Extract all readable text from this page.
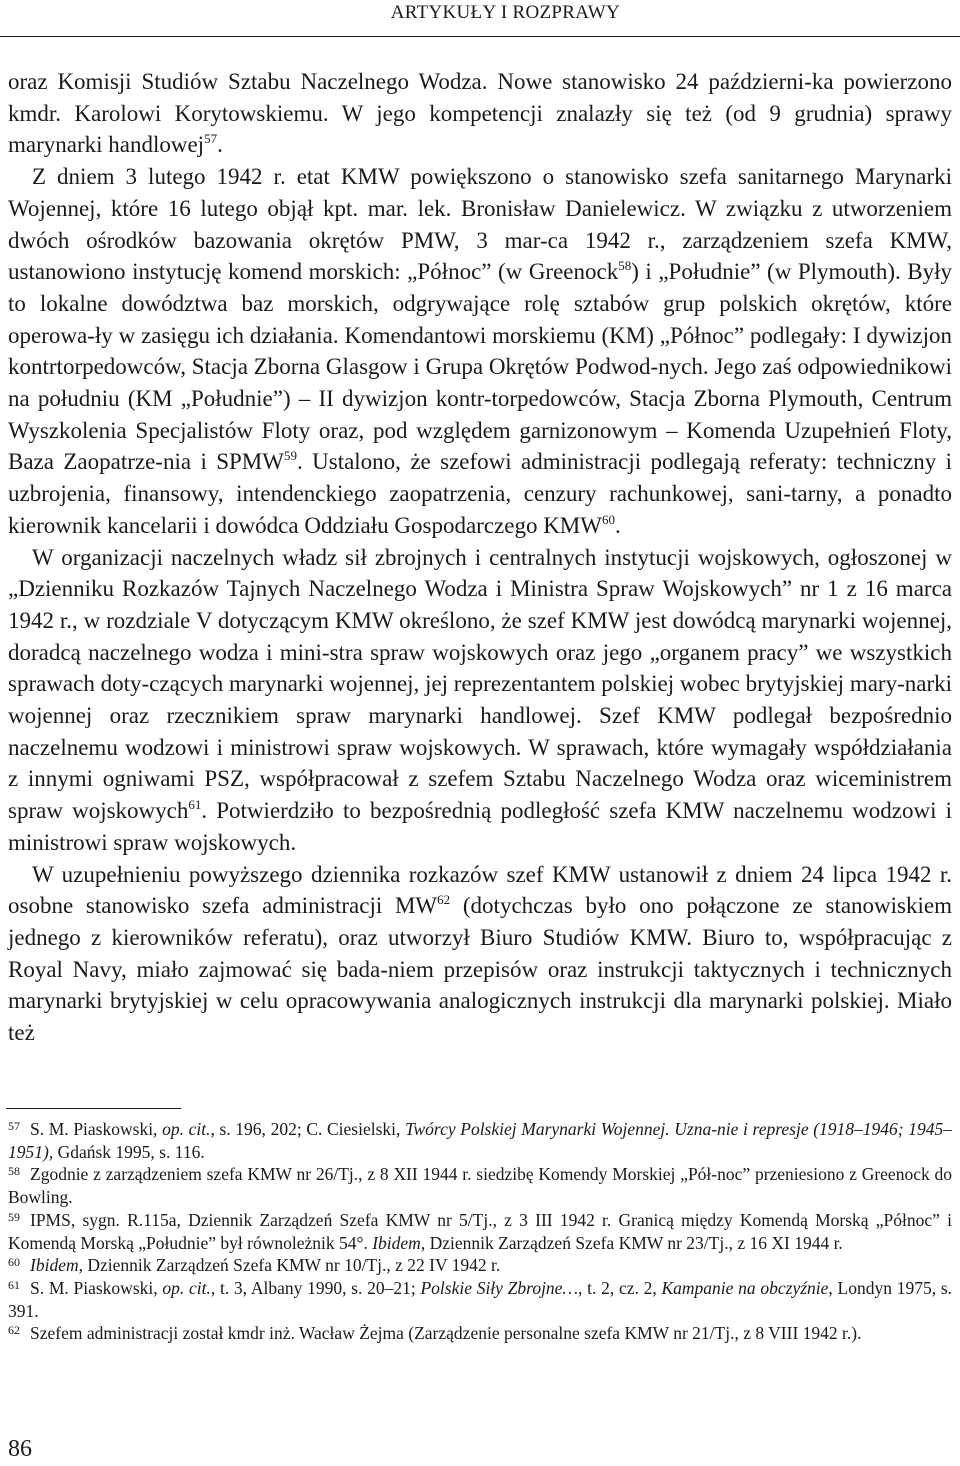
ARTYKUŁY I ROZPRAWY

oraz Komisji Studiów Sztabu Naczelnego Wodza. Nowe stanowisko 24 październi-ka powierzono kmdr. Karolowi Korytowskiemu. W jego kompetencji znalazły się też (od 9 grudnia) sprawy marynarki handlowej$^{57}$.

Z dniem 3 lutego 1942 r. etat KMW powiększono o stanowisko szefa sanitarnego Marynarki Wojennej, które 16 lutego objął kpt. mar. lek. Bronisław Danielewicz. W związku z utworzeniem dwóch ośrodków bazowania okrętów PMW, 3 mar-ca 1942 r., zarządzeniem szefa KMW, ustanowiono instytucję komend morskich: „Północ” (w Greenock$^{58}$) i „Południe” (w Plymouth). Były to lokalne dowództwa baz morskich, odgrywające rolę sztabów grup polskich okrętów, które operowa-ły w zasięgu ich działania. Komendantowi morskiemu (KM) „Północ” podlegały: I dywizjon kontrtorpedowców, Stacja Zborna Glasgow i Grupa Okrętów Podwod-nych. Jego zaś odpowiednikowi na południu (KM „Południe”) – II dywizjon kontr-torpedowców, Stacja Zborna Plymouth, Centrum Wyszkolenia Specjalistów Floty oraz, pod względem garnizonowym – Komenda Uzupełnień Floty, Baza Zaopatrze-nia i SPMW$^{59}$. Ustalono, że szefowi administracji podlegają referaty: techniczny i uzbrojenia, finansowy, intendenckiego zaopatrzenia, cenzury rachunkowej, sani-tarny, a ponadto kierownik kancelarii i dowódca Oddziału Gospodarczego KMW$^{60}$.

W organizacji naczelnych władz sił zbrojnych i centralnych instytucji wojskowych, ogłoszonej w „Dzienniku Rozkazów Tajnych Naczelnego Wodza i Ministra Spraw Wojskowych” nr 1 z 16 marca 1942 r., w rozdziale V dotyczącym KMW określono, że szef KMW jest dowódcą marynarki wojennej, doradcą naczelnego wodza i mini-stra spraw wojskowych oraz jego „organem pracy” we wszystkich sprawach doty-czących marynarki wojennej, jej reprezentantem polskiej wobec brytyjskiej mary-narki wojennej oraz rzecznikiem spraw marynarki handlowej. Szef KMW podlegał bezpośrednio naczelnemu wodzowi i ministrowi spraw wojskowych. W sprawach, które wymagały współdziałania z innymi ogniwami PSZ, współpracował z szefem Sztabu Naczelnego Wodza oraz wiceministrem spraw wojskowych$^{61}$. Potwierdziło to bezpośrednią podległość szefa KMW naczelnemu wodzowi i ministrowi spraw wojskowych.

W uzupełnieniu powyższego dziennika rozkazów szef KMW ustanowił z dniem 24 lipca 1942 r. osobne stanowisko szefa administracji MW$^{62}$ (dotychczas było ono połączone ze stanowiskiem jednego z kierowników referatu), oraz utworzył Biuro Studiów KMW. Biuro to, współpracując z Royal Navy, miało zajmować się bada-niem przepisów oraz instrukcji taktycznych i technicznych marynarki brytyjskiej w celu opracowywania analogicznych instrukcji dla marynarki polskiej. Miało też

$^{57}$ S. M. Piaskowski, op. cit., s. 196, 202; C. Ciesielski, Twórcy Polskiej Marynarki Wojennej. Uzna-nie i represje (1918–1946; 1945–1951), Gdańsk 1995, s. 116.

$^{58}$ Zgodnie z zarządzeniem szefa KMW nr 26/Tj., z 8 XII 1944 r. siedzibę Komendy Morskiej „Pół-noc” przeniesiono z Greenock do Bowling.

$^{59}$ IPMS, sygn. R.115a, Dziennik Zarządzeń Szefa KMW nr 5/Tj., z 3 III 1942 r. Granicą między Komendą Morską „Północ” i Komendą Morską „Południe” był równoleżnik 54°. Ibidem, Dziennik Zarządzeń Szefa KMW nr 23/Tj., z 16 XI 1944 r.

$^{60}$ Ibidem, Dziennik Zarządzeń Szefa KMW nr 10/Tj., z 22 IV 1942 r.

$^{61}$ S. M. Piaskowski, op. cit., t. 3, Albany 1990, s. 20–21; Polskie Siły Zbrojne…, t. 2, cz. 2, Kampanie na obczyźnie, Londyn 1975, s. 391.

$^{62}$ Szefem administracji został kmdr inż. Wacław Żejma (Zarządzenie personalne szefa KMW nr 21/Tj., z 8 VIII 1942 r.).

86
